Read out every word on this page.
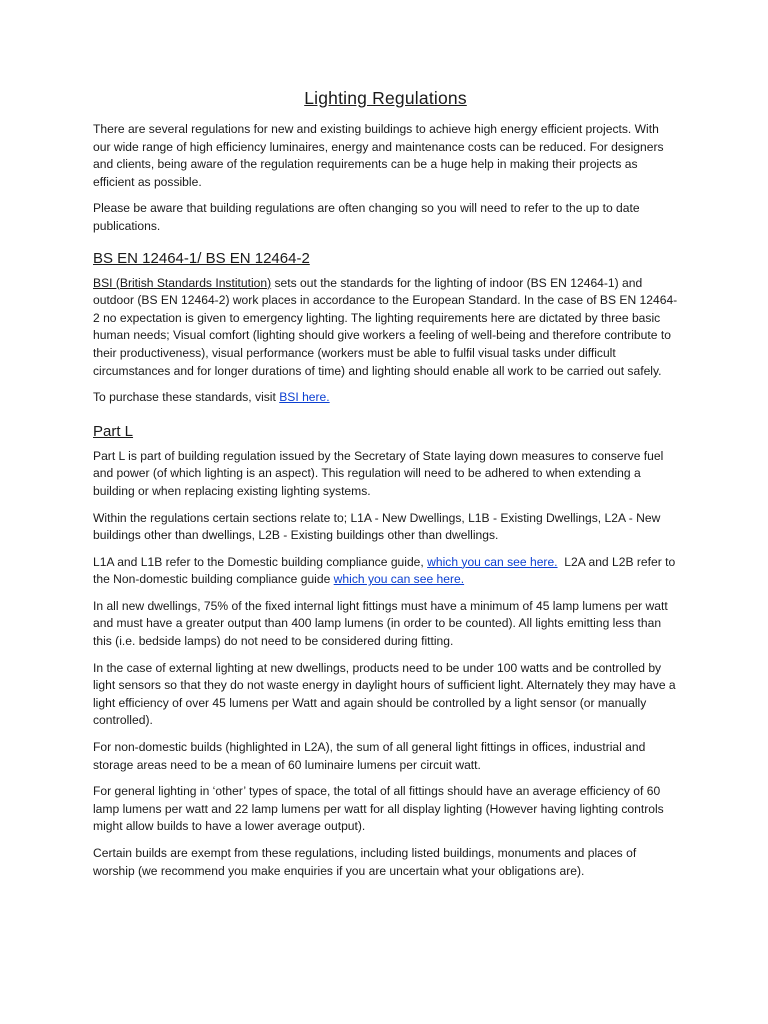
Lighting Regulations

There are several regulations for new and existing buildings to achieve high energy efficient projects. With our wide range of high efficiency luminaires, energy and maintenance costs can be reduced. For designers and clients, being aware of the regulation requirements can be a huge help in making their projects as efficient as possible.

Please be aware that building regulations are often changing so you will need to refer to the up to date publications.

BS EN 12464-1/ BS EN 12464-2

BSI (British Standards Institution) sets out the standards for the lighting of indoor (BS EN 12464-1) and outdoor (BS EN 12464-2) work places in accordance to the European Standard. In the case of BS EN 12464-2 no expectation is given to emergency lighting. The lighting requirements here are dictated by three basic human needs; Visual comfort (lighting should give workers a feeling of well-being and therefore contribute to their productiveness), visual performance (workers must be able to fulfil visual tasks under difficult circumstances and for longer durations of time) and lighting should enable all work to be carried out safely.

To purchase these standards, visit BSI here.

Part L

Part L is part of building regulation issued by the Secretary of State laying down measures to conserve fuel and power (of which lighting is an aspect). This regulation will need to be adhered to when extending a building or when replacing existing lighting systems.

Within the regulations certain sections relate to; L1A - New Dwellings, L1B - Existing Dwellings, L2A - New buildings other than dwellings, L2B - Existing buildings other than dwellings.

L1A and L1B refer to the Domestic building compliance guide, which you can see here.  L2A and L2B refer to the Non-domestic building compliance guide which you can see here.

In all new dwellings, 75% of the fixed internal light fittings must have a minimum of 45 lamp lumens per watt and must have a greater output than 400 lamp lumens (in order to be counted). All lights emitting less than this (i.e. bedside lamps) do not need to be considered during fitting.

In the case of external lighting at new dwellings, products need to be under 100 watts and be controlled by light sensors so that they do not waste energy in daylight hours of sufficient light. Alternately they may have a light efficiency of over 45 lumens per Watt and again should be controlled by a light sensor (or manually controlled).

For non-domestic builds (highlighted in L2A), the sum of all general light fittings in offices, industrial and storage areas need to be a mean of 60 luminaire lumens per circuit watt.

For general lighting in ‘other’ types of space, the total of all fittings should have an average efficiency of 60 lamp lumens per watt and 22 lamp lumens per watt for all display lighting (However having lighting controls might allow builds to have a lower average output).

Certain builds are exempt from these regulations, including listed buildings, monuments and places of worship (we recommend you make enquiries if you are uncertain what your obligations are).
